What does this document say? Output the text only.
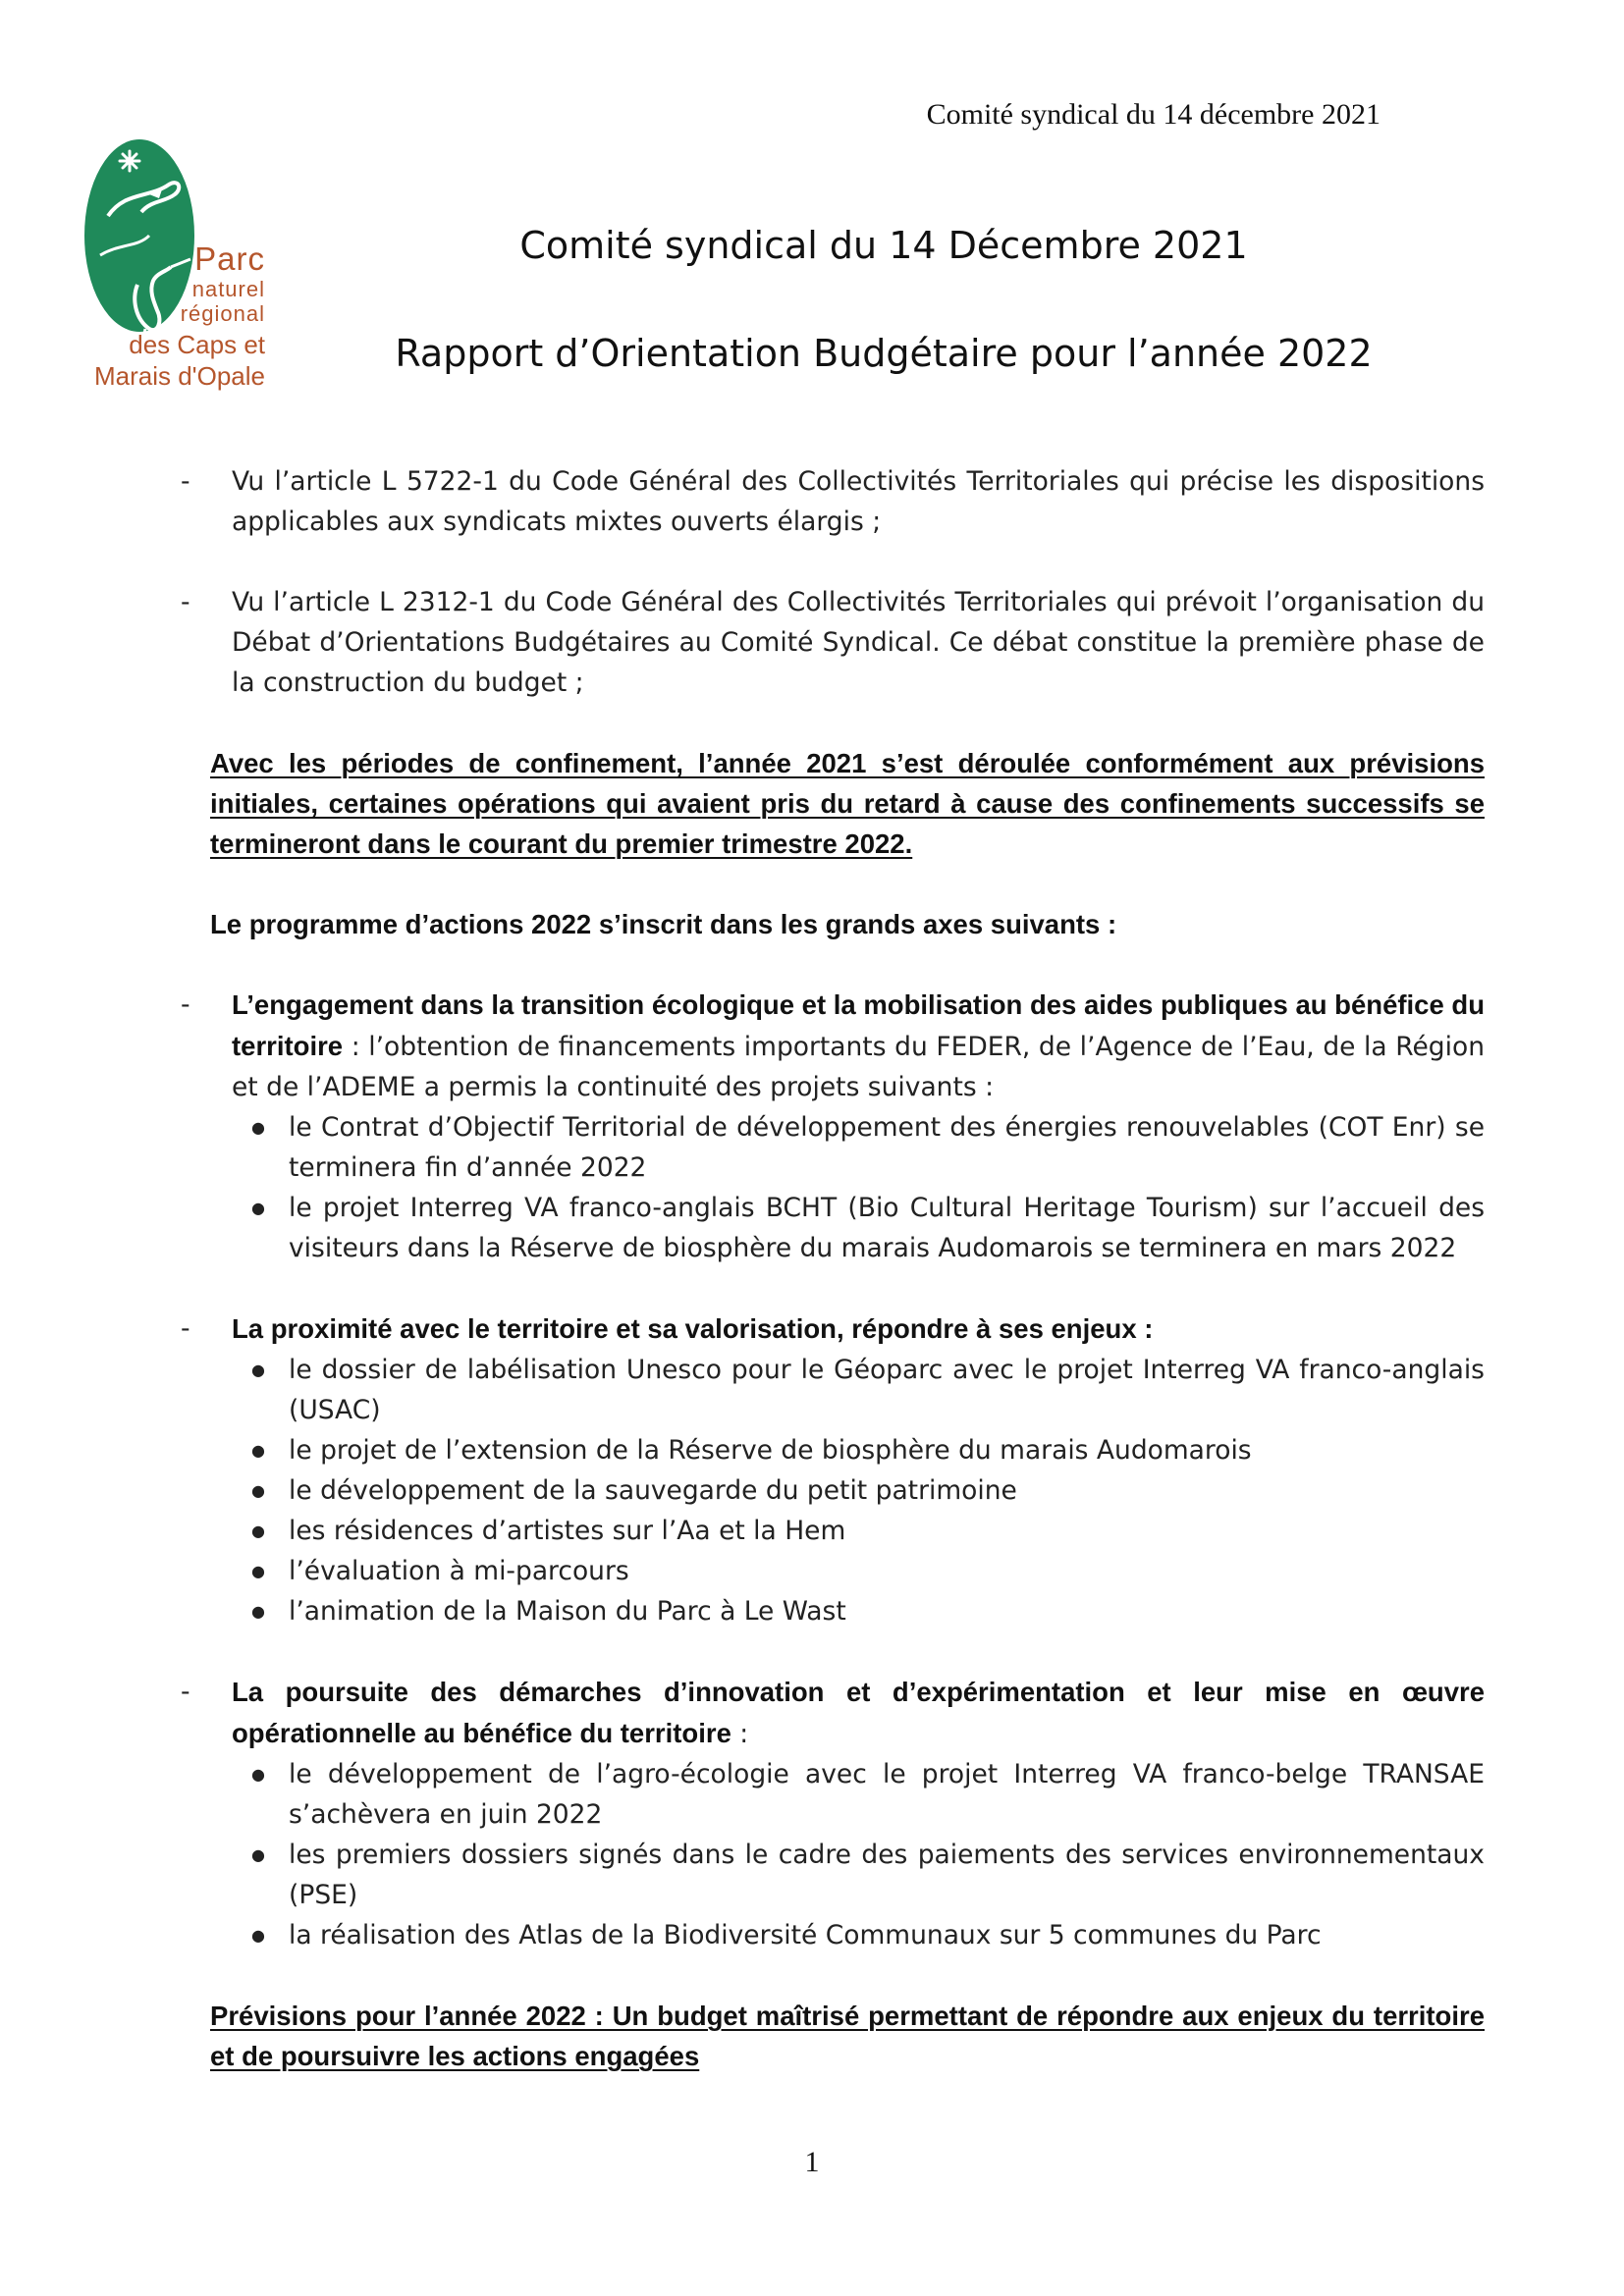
Comité syndical du 14 décembre 2021
Parc
naturel
régional
des Caps et
Marais d'Opale
Comité syndical du 14 Décembre 2021
Rapport d’Orientation Budgétaire pour l’année 2022
- Vu l’article L 5722-1 du Code Général des Collectivités Territoriales qui précise les dispositions applicables aux syndicats mixtes ouverts élargis ;
- Vu l’article L 2312-1 du Code Général des Collectivités Territoriales qui prévoit l’organisation du Débat d’Orientations Budgétaires au Comité Syndical. Ce débat constitue la première phase de la construction du budget ;

Avec les périodes de confinement, l’année 2021 s’est déroulée conformément aux prévisions initiales, certaines opérations qui avaient pris du retard à cause des confinements successifs se termineront dans le courant du premier trimestre 2022.

Le programme d’actions 2022 s’inscrit dans les grands axes suivants :

- L’engagement dans la transition écologique et la mobilisation des aides publiques au bénéfice du territoire : l’obtention de financements importants du FEDER, de l’Agence de l’Eau, de la Région et de l’ADEME a permis la continuité des projets suivants :
● le Contrat d’Objectif Territorial de développement des énergies renouvelables (COT Enr) se terminera fin d’année 2022
● le projet Interreg VA franco-anglais BCHT (Bio Cultural Heritage Tourism) sur l’accueil des visiteurs dans la Réserve de biosphère du marais Audomarois se terminera en mars 2022
- La proximité avec le territoire et sa valorisation, répondre à ses enjeux :
● le dossier de labélisation Unesco pour le Géoparc avec le projet Interreg VA franco-anglais (USAC)
● le projet de l’extension de la Réserve de biosphère du marais Audomarois
● le développement de la sauvegarde du petit patrimoine
● les résidences d’artistes sur l’Aa et la Hem
● l’évaluation à mi-parcours
● l’animation de la Maison du Parc à Le Wast
- La poursuite des démarches d’innovation et d’expérimentation et leur mise en œuvre opérationnelle au bénéfice du territoire :
● le développement de l’agro-écologie avec le projet Interreg VA franco-belge TRANSAE s’achèvera en juin 2022
● les premiers dossiers signés dans le cadre des paiements des services environnementaux (PSE)
● la réalisation des Atlas de la Biodiversité Communaux sur 5 communes du Parc

Prévisions pour l’année 2022 : Un budget maîtrisé permettant de répondre aux enjeux du territoire et de poursuivre les actions engagées

1
